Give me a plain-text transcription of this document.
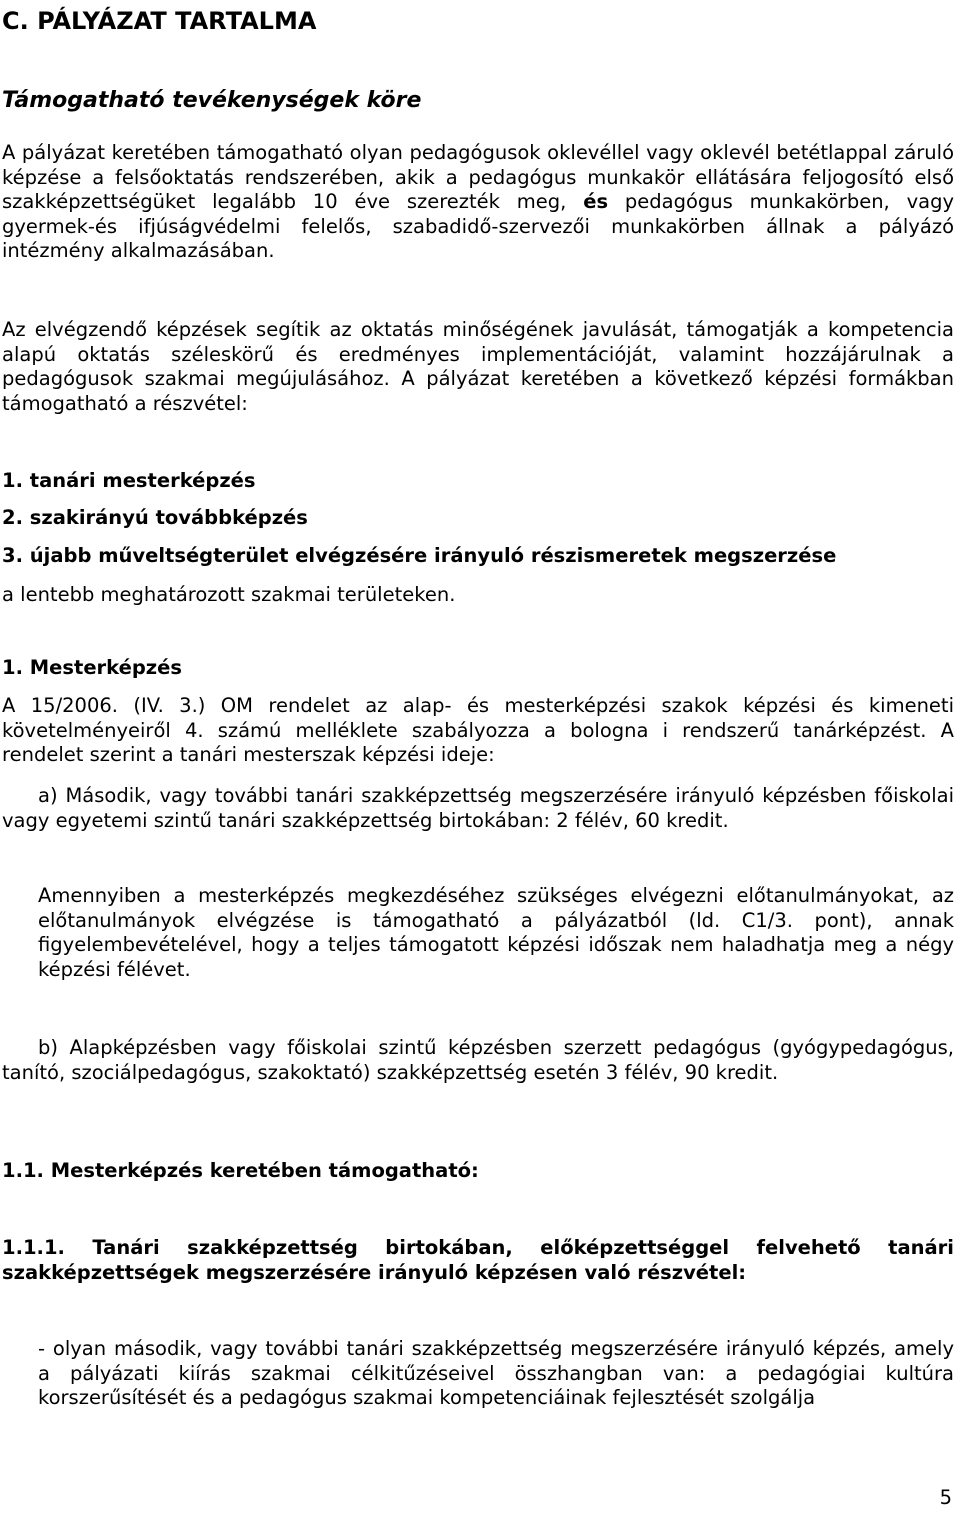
C. PÁLYÁZAT TARTALMA
Támogatható tevékenységek köre

A pályázat keretében támogatható olyan pedagógusok oklevéllel vagy oklevél betétlappal záruló képzése a felsőoktatás rendszerében, akik a pedagógus munkakör ellátására feljogosító első szakképzettségüket legalább 10 éve szerezték meg, és pedagógus munkakörben, vagy gyermek-és ifjúságvédelmi felelős, szabadidő-szervezői munkakörben állnak a pályázó intézmény alkalmazásában.

Az elvégzendő képzések segítik az oktatás minőségének javulását, támogatják a kompetencia alapú oktatás széleskörű és eredményes implementációját, valamint hozzájárulnak a pedagógusok szakmai megújulásához. A pályázat keretében a következő képzési formákban támogatható a részvétel:

1. tanári mesterképzés

2. szakirányú továbbképzés

3. újabb műveltségterület elvégzésére irányuló részismeretek megszerzése

a lentebb meghatározott szakmai területeken.

1. Mesterképzés

A 15/2006. (IV. 3.) OM rendelet az alap- és mesterképzési szakok képzési és kimeneti követelményeiről 4. számú melléklete szabályozza a bologna i rendszerű tanárképzést. A rendelet szerint a tanári mesterszak képzési ideje:

a) Második, vagy további tanári szakképzettség megszerzésére irányuló képzésben főiskolai vagy egyetemi szintű tanári szakképzettség birtokában: 2 félév, 60 kredit.

Amennyiben a mesterképzés megkezdéséhez szükséges elvégezni előtanulmányokat, az előtanulmányok elvégzése is támogatható a pályázatból (ld. C1/3. pont), annak figyelembevételével, hogy a teljes támogatott képzési időszak nem haladhatja meg a négy képzési félévet.

b) Alapképzésben vagy főiskolai szintű képzésben szerzett pedagógus (gyógypedagógus, tanító, szociálpedagógus, szakoktató) szakképzettség esetén 3 félév, 90 kredit.

1.1. Mesterképzés keretében támogatható:

1.1.1. Tanári szakképzettség birtokában, előképzettséggel felvehető tanári szakképzettségek megszerzésére irányuló képzésen való részvétel:

- olyan második, vagy további tanári szakképzettség megszerzésére irányuló képzés, amely a pályázati kiírás szakmai célkitűzéseivel összhangban van: a pedagógiai kultúra korszerűsítését és a pedagógus szakmai kompetenciáinak fejlesztését szolgálja

5
